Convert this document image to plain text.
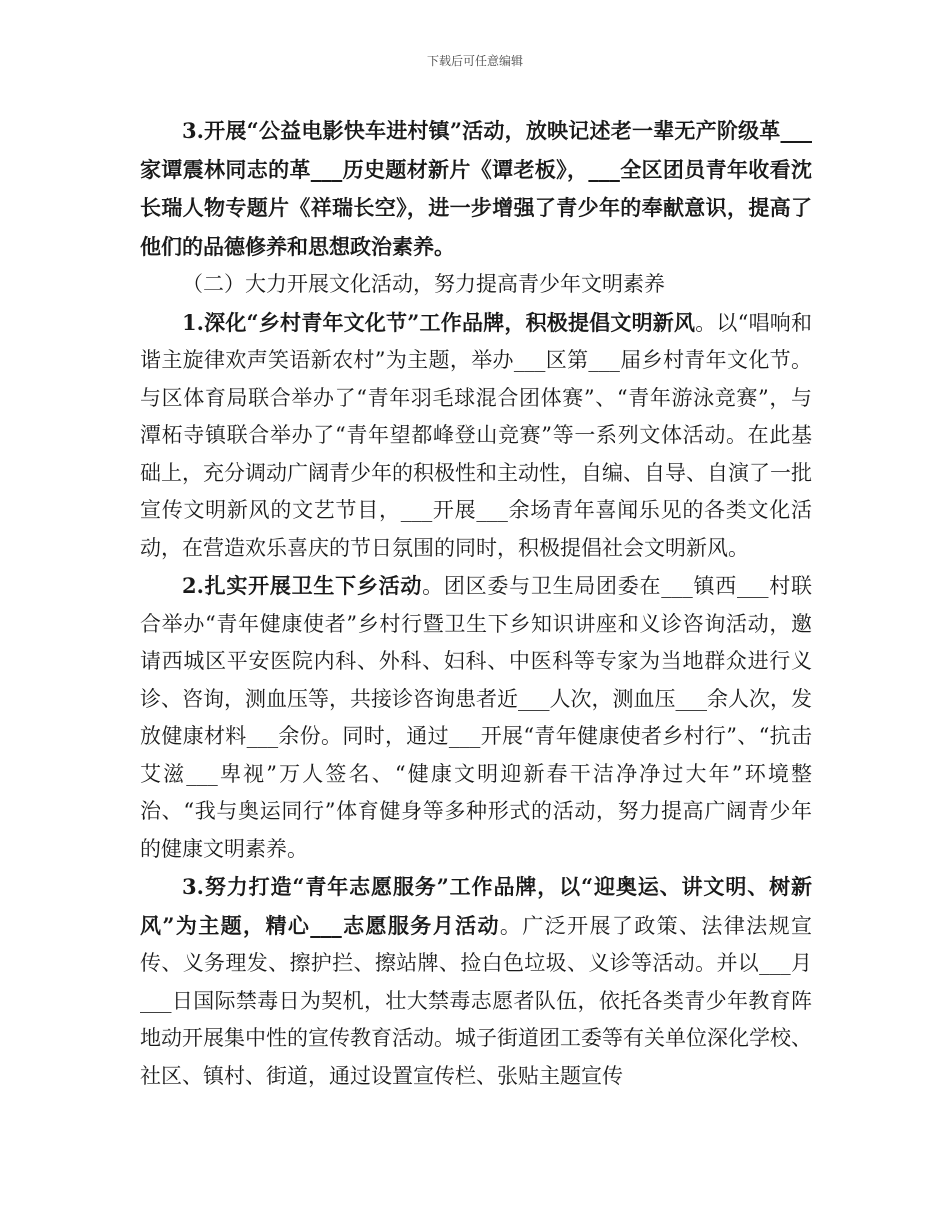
下载后可任意编辑

3.开展“公益电影快车进村镇”活动，放映记述老一辈无产阶级革___家谭震林同志的革___历史题材新片《谭老板》，___全区团员青年收看沈长瑞人物专题片《祥瑞长空》，进一步增强了青少年的奉献意识，提高了他们的品德修养和思想政治素养。

（二）大力开展文化活动，努力提高青少年文明素养

1.深化“乡村青年文化节”工作品牌，积极提倡文明新风。以“唱响和谐主旋律欢声笑语新农村”为主题，举办___区第___届乡村青年文化节。与区体育局联合举办了“青年羽毛球混合团体赛”、“青年游泳竞赛”，与潭柘寺镇联合举办了“青年望都峰登山竞赛”等一系列文体活动。在此基础上，充分调动广阔青少年的积极性和主动性，自编、自导、自演了一批宣传文明新风的文艺节目，___开展___余场青年喜闻乐见的各类文化活动，在营造欢乐喜庆的节日氛围的同时，积极提倡社会文明新风。

2.扎实开展卫生下乡活动。团区委与卫生局团委在___镇西___村联合举办“青年健康使者”乡村行暨卫生下乡知识讲座和义诊咨询活动，邀请西城区平安医院内科、外科、妇科、中医科等专家为当地群众进行义诊、咨询，测血压等，共接诊咨询患者近___人次，测血压___余人次，发放健康材料___余份。同时，通过___开展“青年健康使者乡村行”、“抗击艾滋___卑视”万人签名、“健康文明迎新春干洁净净过大年”环境整治、“我与奥运同行”体育健身等多种形式的活动，努力提高广阔青少年的健康文明素养。

3.努力打造“青年志愿服务”工作品牌，以“迎奥运、讲文明、树新风”为主题，精心___志愿服务月活动。广泛开展了政策、法律法规宣传、义务理发、擦护拦、擦站牌、捡白色垃圾、义诊等活动。并以___月___日国际禁毒日为契机，壮大禁毒志愿者队伍，依托各类青少年教育阵地动开展集中性的宣传教育活动。城子街道团工委等有关单位深化学校、社区、镇村、街道，通过设置宣传栏、张贴主题宣传
